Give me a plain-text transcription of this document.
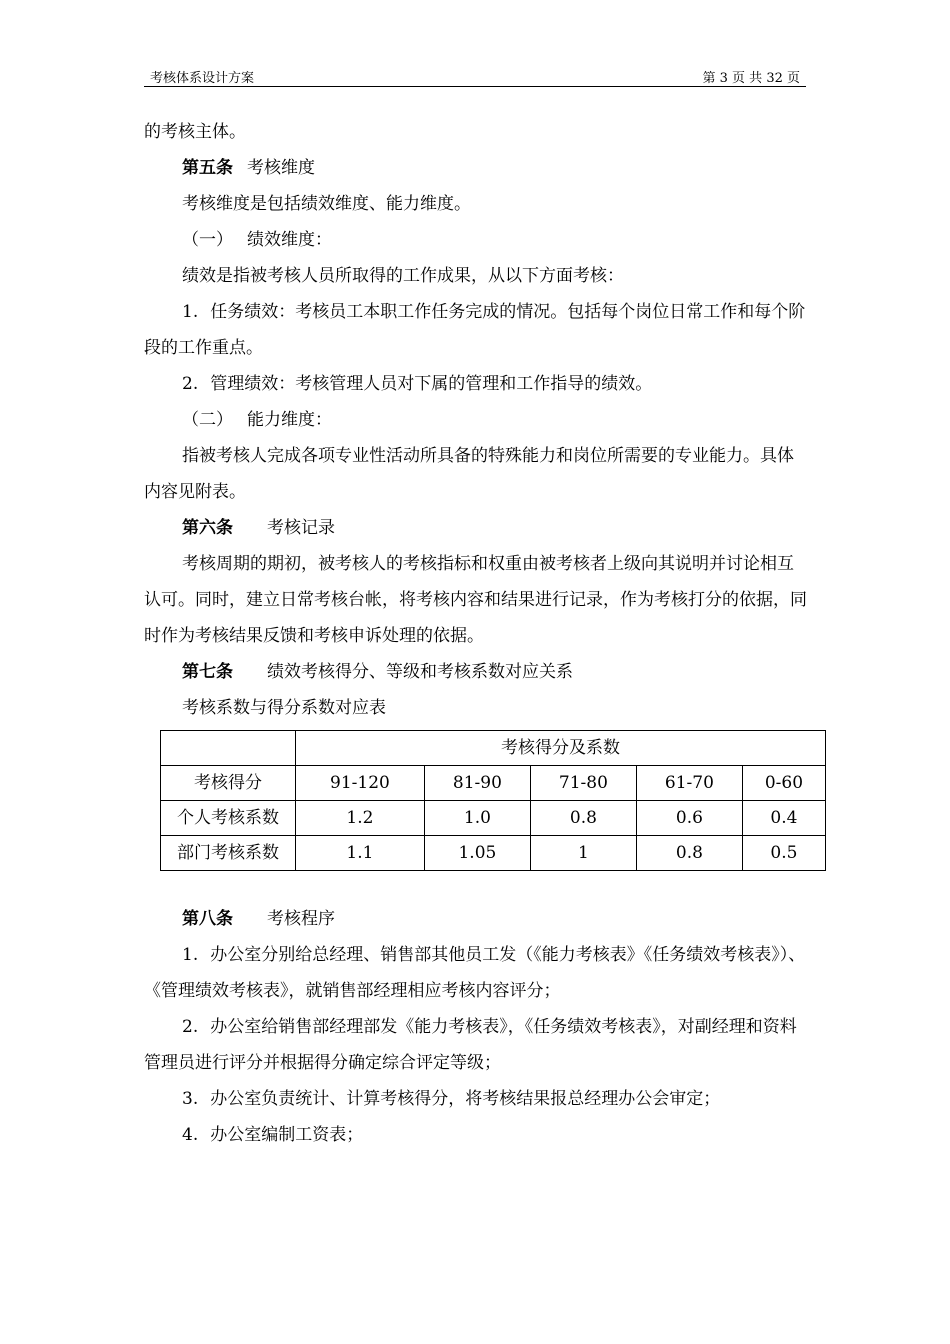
考核体系设计方案	第 3 页 共 32 页

的考核主体。

第五条 考核维度

考核维度是包括绩效维度、能力维度。

（一） 绩效维度：

绩效是指被考核人员所取得的工作成果，从以下方面考核：

1. 任务绩效：考核员工本职工作任务完成的情况。包括每个岗位日常工作和每个阶段的工作重点。

2. 管理绩效：考核管理人员对下属的管理和工作指导的绩效。

（二） 能力维度：

指被考核人完成各项专业性活动所具备的特殊能力和岗位所需要的专业能力。具体内容见附表。

第六条 考核记录

考核周期的期初，被考核人的考核指标和权重由被考核者上级向其说明并讨论相互认可。同时，建立日常考核台帐，将考核内容和结果进行记录，作为考核打分的依据，同时作为考核结果反馈和考核申诉处理的依据。

第七条 绩效考核得分、等级和考核系数对应关系

考核系数与得分系数对应表

	考核得分及系数				
考核得分	91-120	81-90	71-80	61-70	0-60
个人考核系数	1.2	1.0	0.8	0.6	0.4
部门考核系数	1.1	1.05	1	0.8	0.5

第八条 考核程序

1. 办公室分别给总经理、销售部其他员工发（《能力考核表》《任务绩效考核表》）、《管理绩效考核表》，就销售部经理相应考核内容评分；

2. 办公室给销售部经理部发《能力考核表》，《任务绩效考核表》，对副经理和资料管理员进行评分并根据得分确定综合评定等级；

3. 办公室负责统计、计算考核得分，将考核结果报总经理办公会审定；

4. 办公室编制工资表；
